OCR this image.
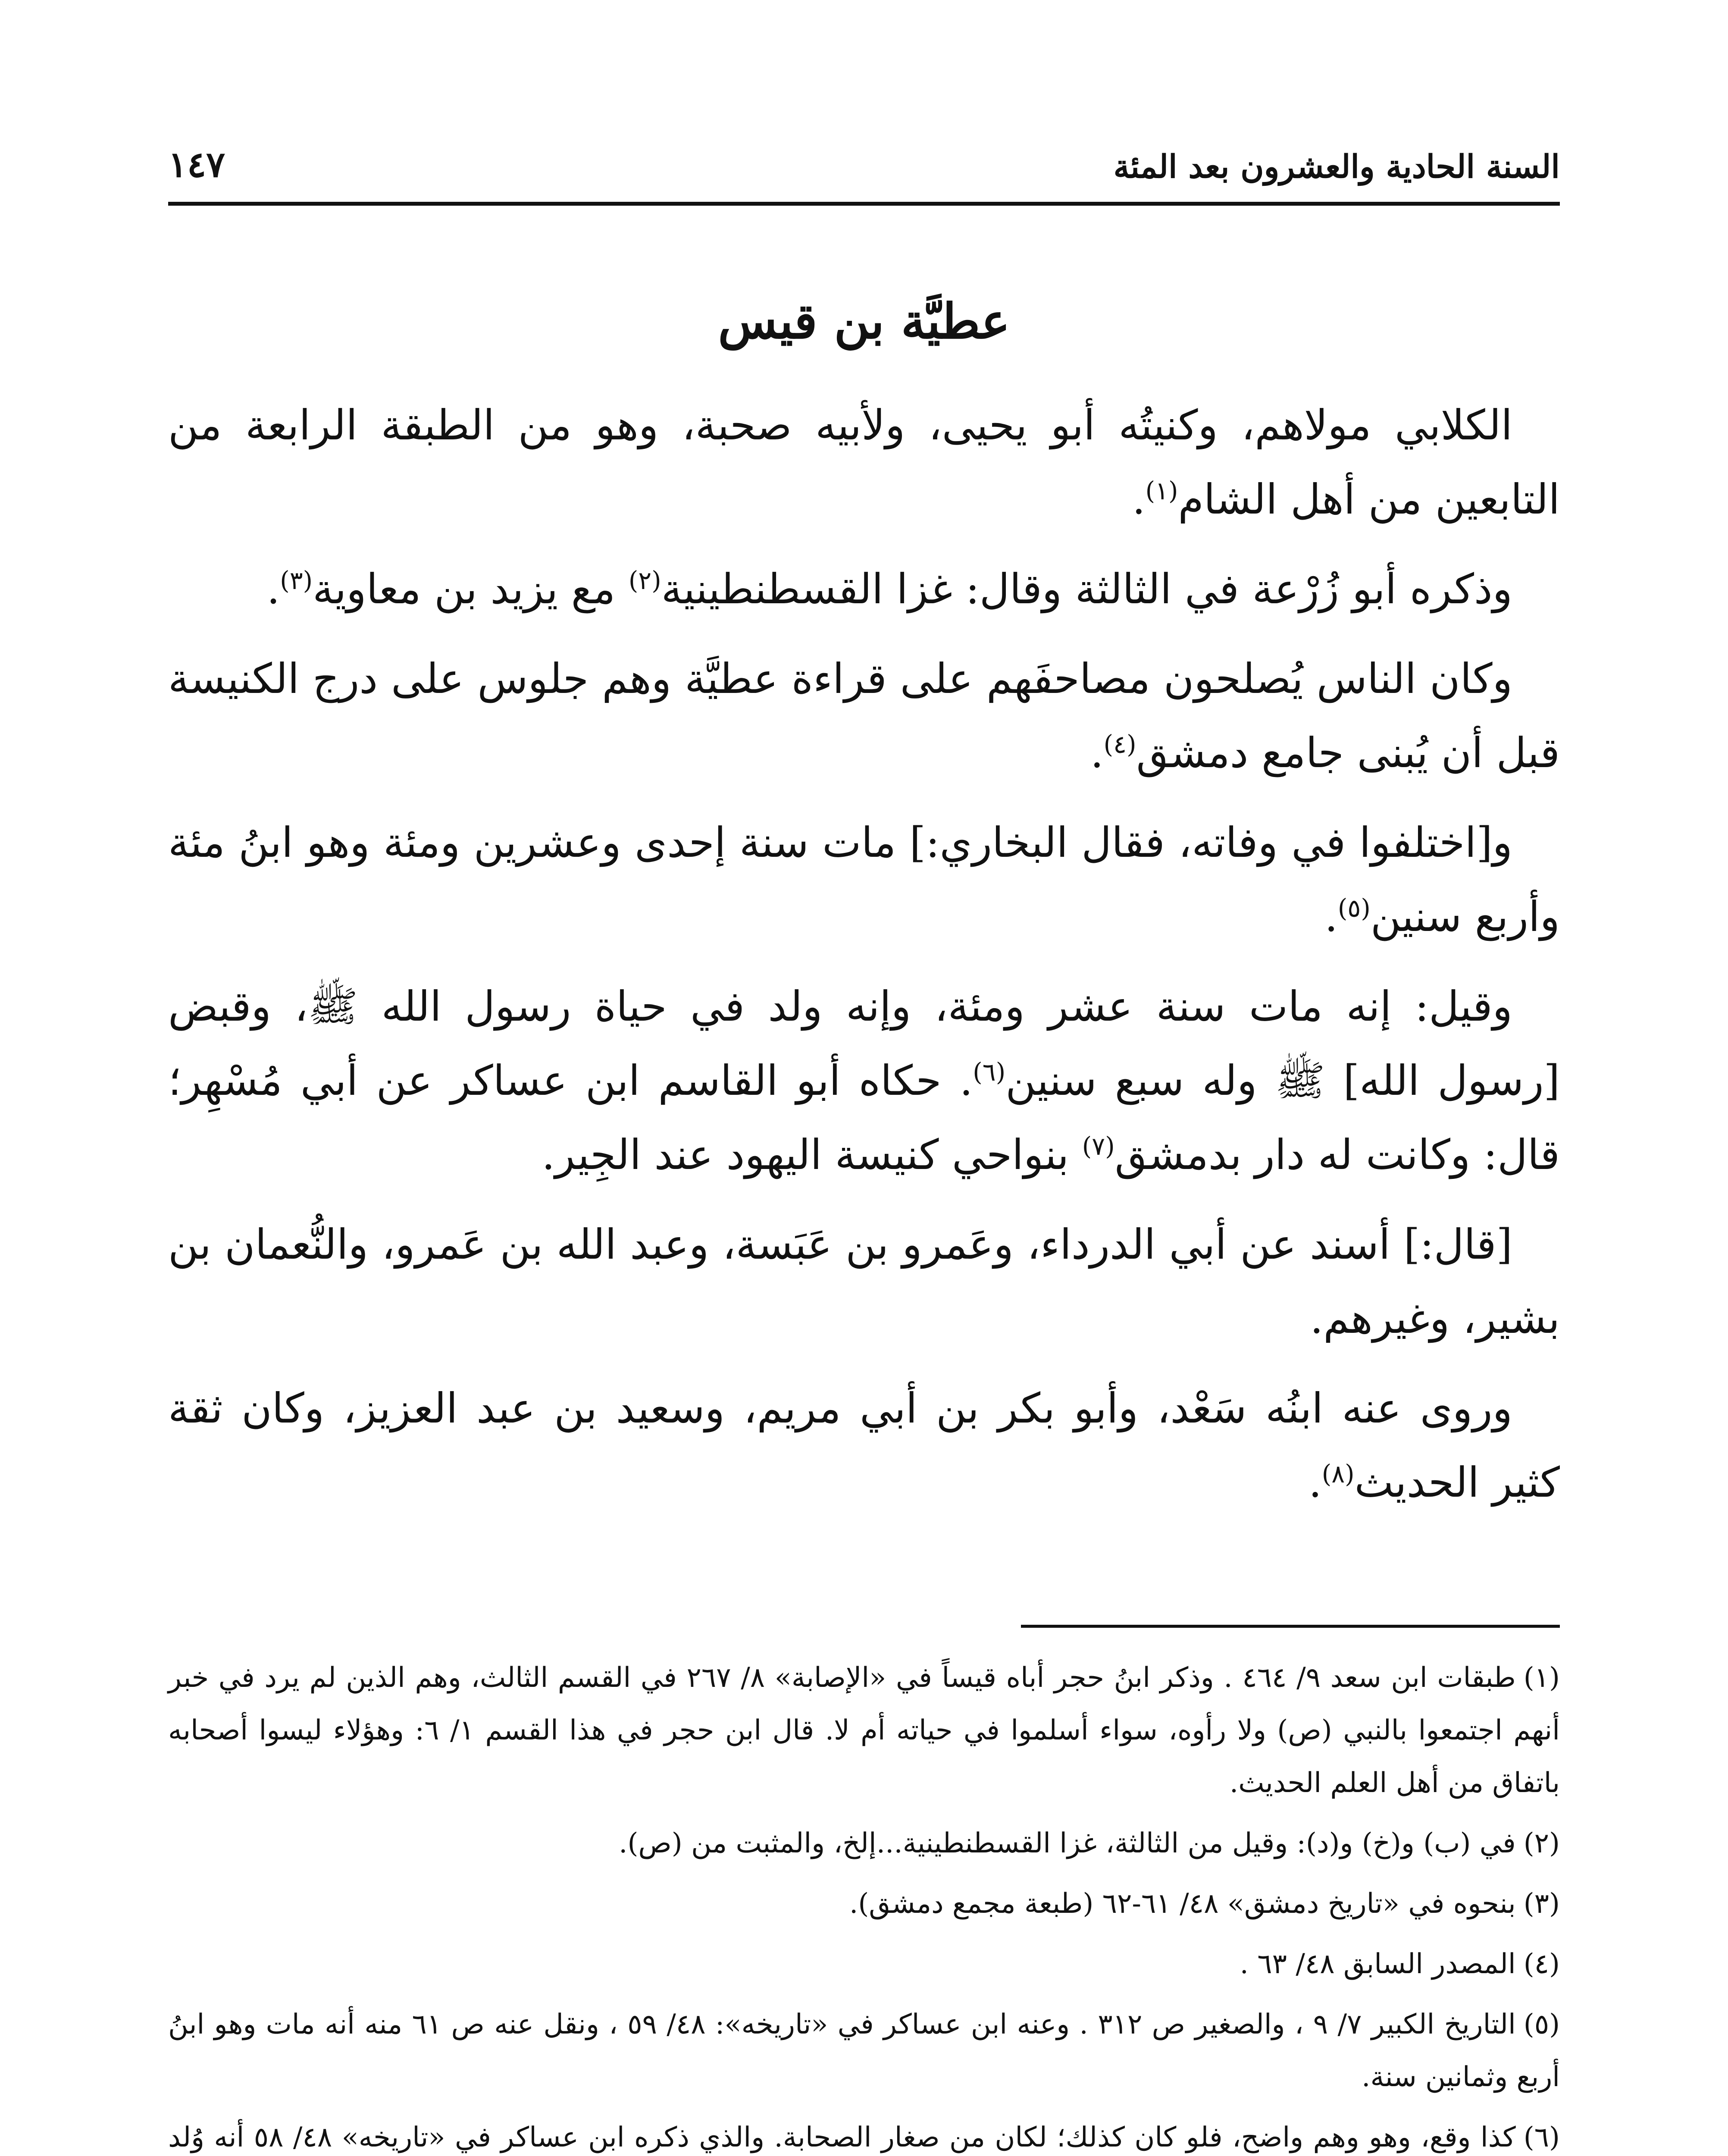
السنة الحادية والعشرون بعد المئة
١٤٧
عطيَّة بن قيس

الكلابي مولاهم، وكنيتُه أبو يحيى، ولأبيه صحبة، وهو من الطبقة الرابعة من التابعين من أهل الشام$^{(١)}$.

وذكره أبو زُرْعة في الثالثة وقال: غزا القسطنطينية$^{(٢)}$ مع يزيد بن معاوية$^{(٣)}$.

وكان الناس يُصلحون مصاحفَهم على قراءة عطيَّة وهم جلوس على درج الكنيسة قبل أن يُبنى جامع دمشق$^{(٤)}$.

و[اختلفوا في وفاته، فقال البخاري:] مات سنة إحدى وعشرين ومئة وهو ابنُ مئة وأربع سنين$^{(٥)}$.

وقيل: إنه مات سنة عشر ومئة، وإنه ولد في حياة رسول الله ﷺ، وقبض [رسول الله] ﷺ وله سبع سنين$^{(٦)}$. حكاه أبو القاسم ابن عساكر عن أبي مُسْهِر؛ قال: وكانت له دار بدمشق$^{(٧)}$ بنواحي كنيسة اليهود عند الجِير.

[قال:] أسند عن أبي الدرداء، وعَمرو بن عَبَسة، وعبد الله بن عَمرو، والنُّعمان بن بشير، وغيرهم.

وروى عنه ابنُه سَعْد، وأبو بكر بن أبي مريم، وسعيد بن عبد العزيز، وكان ثقة كثير الحديث$^{(٨)}$.

(١)طبقات ابن سعد ٩/ ٤٦٤ . وذكر ابنُ حجر أباه قيساً في «الإصابة» ٨/ ٢٦٧ في القسم الثالث، وهم الذين لم يرد في خبر أنهم اجتمعوا بالنبي (ص) ولا رأوه، سواء أسلموا في حياته أم لا. قال ابن حجر في هذا القسم ١/ ٦: وهؤلاء ليسوا أصحابه باتفاق من أهل العلم الحديث.

(٢)في (ب) و(خ) و(د): وقيل من الثالثة، غزا القسطنطينية...إلخ، والمثبت من (ص).

(٣)بنحوه في «تاريخ دمشق» ٤٨/ ٦١-٦٢ (طبعة مجمع دمشق).

(٤)المصدر السابق ٤٨/ ٦٣ .

(٥)التاريخ الكبير ٧/ ٩ ، والصغير ص ٣١٢ . وعنه ابن عساكر في «تاريخه»: ٤٨/ ٥٩ ، ونقل عنه ص ٦١ منه أنه مات وهو ابنُ أربع وثمانين سنة.

(٦)كذا وقع، وهو وهم واضح، فلو كان كذلك؛ لكان من صغار الصحابة. والذي ذكره ابن عساكر في «تاريخه» ٤٨/ ٥٨ أنه وُلد
